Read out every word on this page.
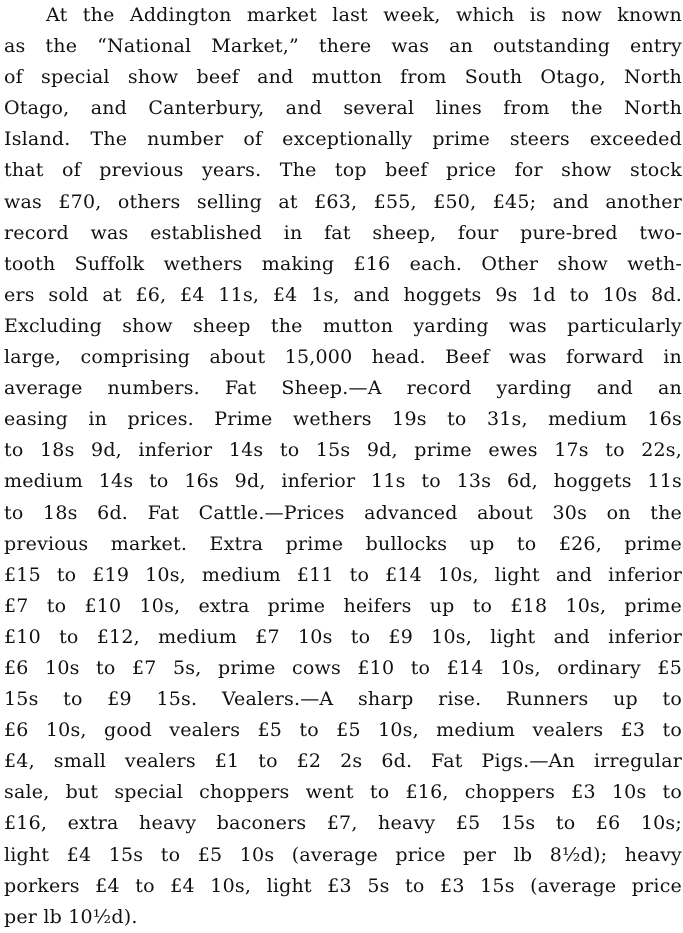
At the Addington market last week, which is now known
as the “National Market,” there was an outstanding entry
of special show beef and mutton from South Otago, North
Otago, and Canterbury, and several lines from the North
Island. The number of exceptionally prime steers exceeded
that of previous years. The top beef price for show stock
was £70, others selling at £63, £55, £50, £45; and another
record was established in fat sheep, four pure-bred two-
tooth Suffolk wethers making £16 each. Other show weth-
ers sold at £6, £4 11s, £4 1s, and hoggets 9s 1d to 10s 8d.
Excluding show sheep the mutton yarding was particularly
large, comprising about 15,000 head. Beef was forward in
average numbers. Fat Sheep.—A record yarding and an
easing in prices. Prime wethers 19s to 31s, medium 16s
to 18s 9d, inferior 14s to 15s 9d, prime ewes 17s to 22s,
medium 14s to 16s 9d, inferior 11s to 13s 6d, hoggets 11s
to 18s 6d. Fat Cattle.—Prices advanced about 30s on the
previous market. Extra prime bullocks up to £26, prime
£15 to £19 10s, medium £11 to £14 10s, light and inferior
£7 to £10 10s, extra prime heifers up to £18 10s, prime
£10 to £12, medium £7 10s to £9 10s, light and inferior
£6 10s to £7 5s, prime cows £10 to £14 10s, ordinary £5
15s to £9 15s. Vealers.—A sharp rise. Runners up to
£6 10s, good vealers £5 to £5 10s, medium vealers £3 to
£4, small vealers £1 to £2 2s 6d. Fat Pigs.—An irregular
sale, but special choppers went to £16, choppers £3 10s to
£16, extra heavy baconers £7, heavy £5 15s to £6 10s;
light £4 15s to £5 10s (average price per lb 8½d); heavy
porkers £4 to £4 10s, light £3 5s to £3 15s (average price
per lb 10½d).
